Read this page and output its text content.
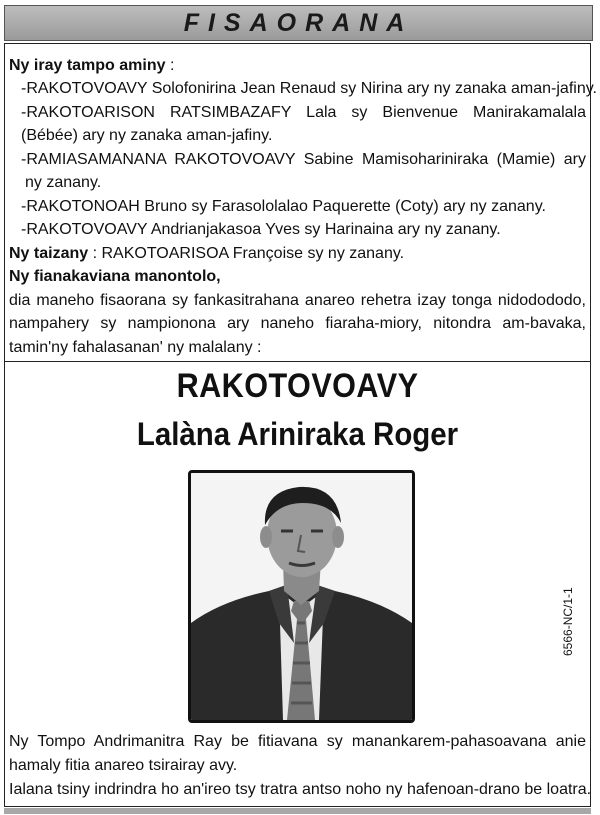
FISAORANA
Ny iray tampo aminy :
-RAKOTOVOAVY Solofonirina Jean Renaud sy Nirina ary ny zanaka aman-jafiny.
-RAKOTOARISON RATSIMBAZAFY Lala sy Bienvenue Manirakamalala
(Bébée) ary ny zanaka aman-jafiny.
-RAMIASAMANANA RAKOTOVOAVY Sabine Mamisohariniraka (Mamie) ary
ny zanany.
-RAKOTONOAH Bruno sy Farasololalao Paquerette (Coty) ary ny zanany.
-RAKOTOVOAVY Andrianjakasoa Yves sy Harinaina ary ny zanany.
Ny taizany : RAKOTOARISOA Françoise sy ny zanany.
Ny fianakaviana manontolo,
dia maneho fisaorana sy fankasitrahana anareo rehetra izay tonga nidodododo,
nampahery sy nampionona ary naneho fiaraha-miory, nitondra am-bavaka,
tamin'ny fahalasanan' ny malalany :
RAKOTOVOAVY
Lalàna Ariniraka Roger
6566-NC/1-1
Ny Tompo Andrimanitra Ray be fitiavana sy manankarem-pahasoavana anie
hamaly fitia anareo tsirairay avy.
Ialana tsiny indrindra ho an'ireo tsy tratra antso noho ny hafenoan-drano be loatra.
